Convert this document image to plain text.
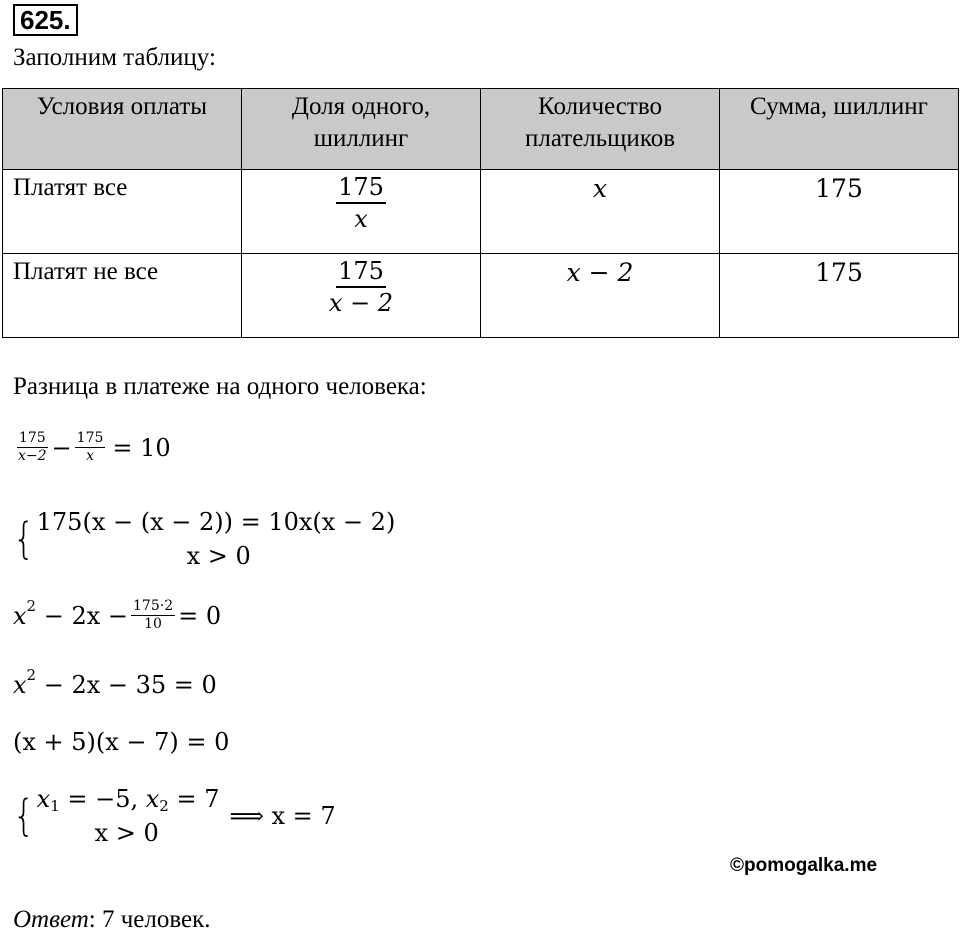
625.
Заполним таблицу:
Условия оплаты	Доля одного, шиллинг	Количество плательщиков	Сумма, шиллинг
Платят все	$\frac{175}{x}$	x	175
Платят не все	$\frac{175}{x - 2}$	x − 2	175
Разница в платеже на одного человека:
$\frac{175}{x-2} - \frac{175}{x} = 10$
{ 175(x − (x − 2)) = 10x(x − 2)
x > 0
x $2 - 2x - \frac{175\cdot 2}{10} = 0$
x 2 − 2x − 35 = 0
(x + 5)(x − 7) = 0
{ x 1 = −5, x 2 = 7
x > 0
⟹ x = 7
©pomogalka.me
Ответ: 7 человек.
